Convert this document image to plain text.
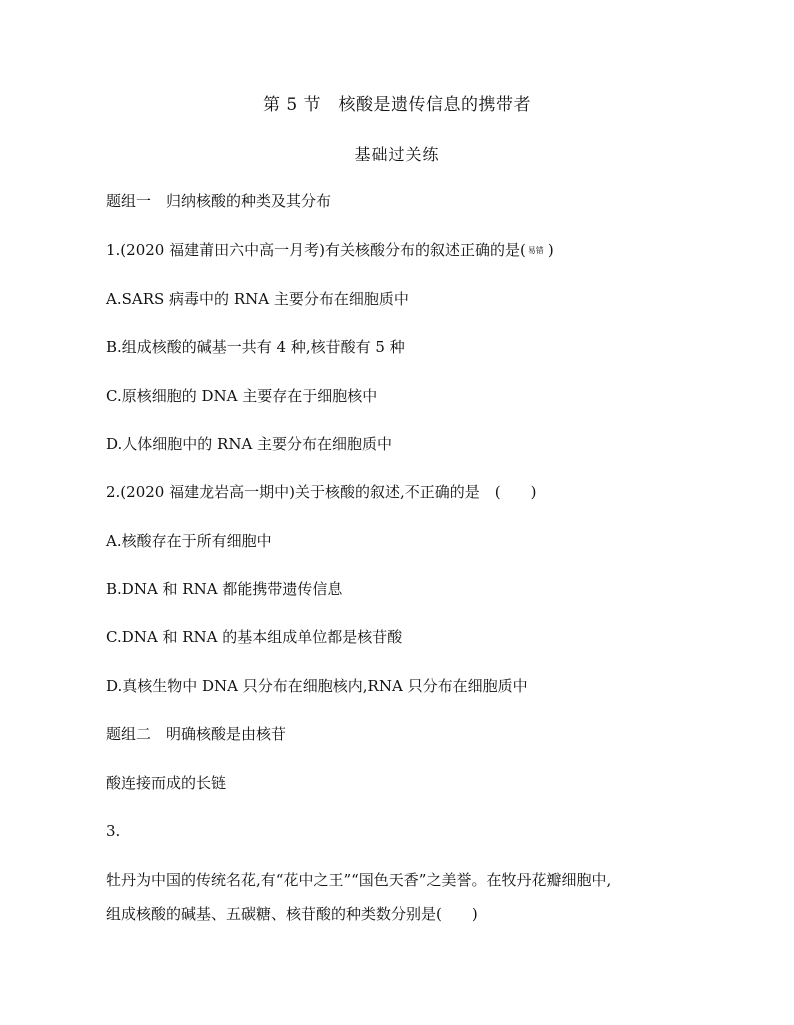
第 5 节　核酸是遗传信息的携带者
基础过关练
题组一　归纳核酸的种类及其分布
1.(2020 福建莆田六中高一月考)有关核酸分布的叙述正确的是( 易错 )
A.SARS 病毒中的 RNA 主要分布在细胞质中
B.组成核酸的碱基一共有 4 种,核苷酸有 5 种
C.原核细胞的 DNA 主要存在于细胞核中
D.人体细胞中的 RNA 主要分布在细胞质中
2.(2020 福建龙岩高一期中)关于核酸的叙述,不正确的是　(　　)
A.核酸存在于所有细胞中
B.DNA 和 RNA 都能携带遗传信息
C.DNA 和 RNA 的基本组成单位都是核苷酸
D.真核生物中 DNA 只分布在细胞核内,RNA 只分布在细胞质中
题组二　明确核酸是由核苷
酸连接而成的长链
3.
牡丹为中国的传统名花,有“花中之王”“国色天香”之美誉。在牧丹花瓣细胞中,
组成核酸的碱基、五碳糖、核苷酸的种类数分别是(　　)
